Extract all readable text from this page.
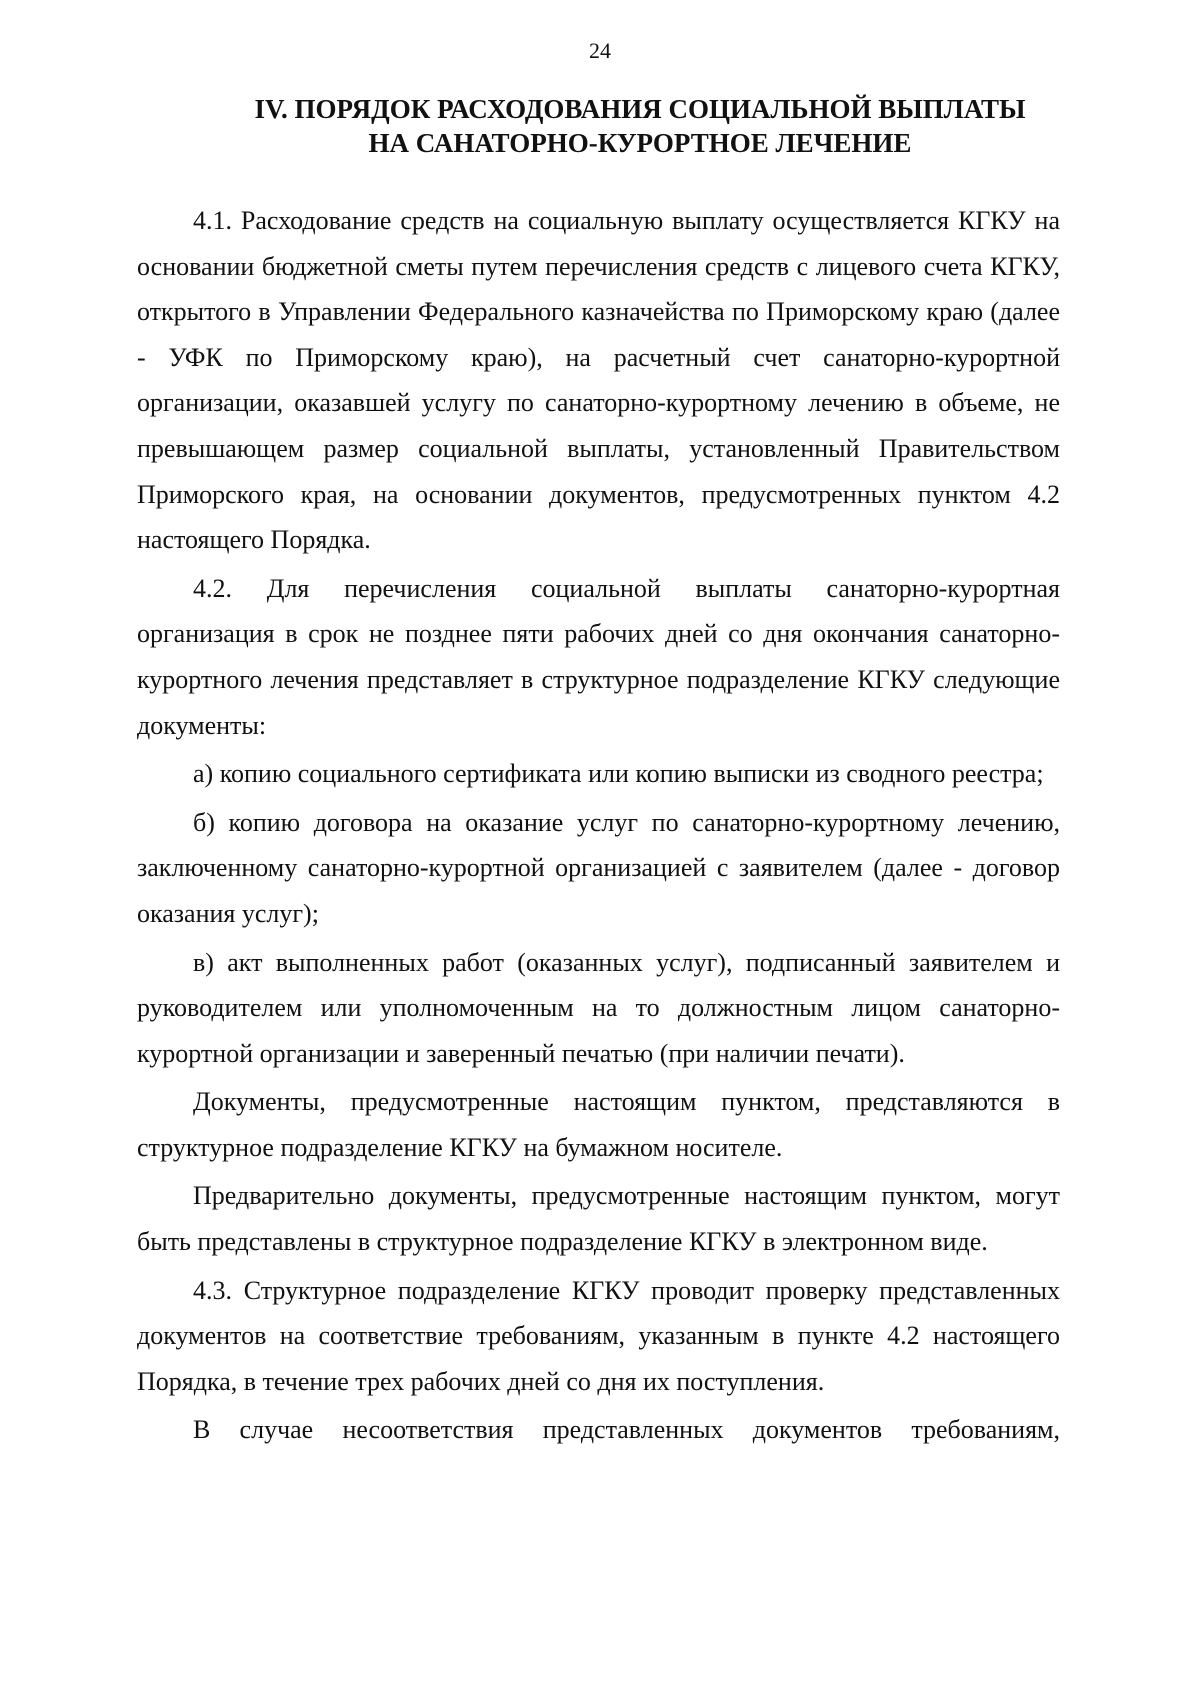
24
IV. ПОРЯДОК РАСХОДОВАНИЯ СОЦИАЛЬНОЙ ВЫПЛАТЫ
НА САНАТОРНО-КУРОРТНОЕ ЛЕЧЕНИЕ

4.1. Расходование средств на социальную выплату осуществляется КГКУ на основании бюджетной сметы путем перечисления средств с лицевого счета КГКУ, открытого в Управлении Федерального казначейства по Приморскому краю (далее - УФК по Приморскому краю), на расчетный счет санаторно-курортной организации, оказавшей услугу по санаторно-курортному лечению в объеме, не превышающем размер социальной выплаты, установленный Правительством Приморского края, на основании документов, предусмотренных пунктом 4.2 настоящего Порядка.

4.2. Для перечисления социальной выплаты санаторно-курортная организация в срок не позднее пяти рабочих дней со дня окончания санаторно-курортного лечения представляет в структурное подразделение КГКУ следующие документы:

а) копию социального сертификата или копию выписки из сводного реестра;

б) копию договора на оказание услуг по санаторно-курортному лечению, заключенному санаторно-курортной организацией с заявителем (далее - договор оказания услуг);

в) акт выполненных работ (оказанных услуг), подписанный заявителем и руководителем или уполномоченным на то должностным лицом санаторно-курортной организации и заверенный печатью (при наличии печати).

Документы, предусмотренные настоящим пунктом, представляются в структурное подразделение КГКУ на бумажном носителе.

Предварительно документы, предусмотренные настоящим пунктом, могут быть представлены в структурное подразделение КГКУ в электронном виде.

4.3. Структурное подразделение КГКУ проводит проверку представленных документов на соответствие требованиям, указанным в пункте 4.2 настоящего Порядка, в течение трех рабочих дней со дня их поступления.

В случае несоответствия представленных документов требованиям,
